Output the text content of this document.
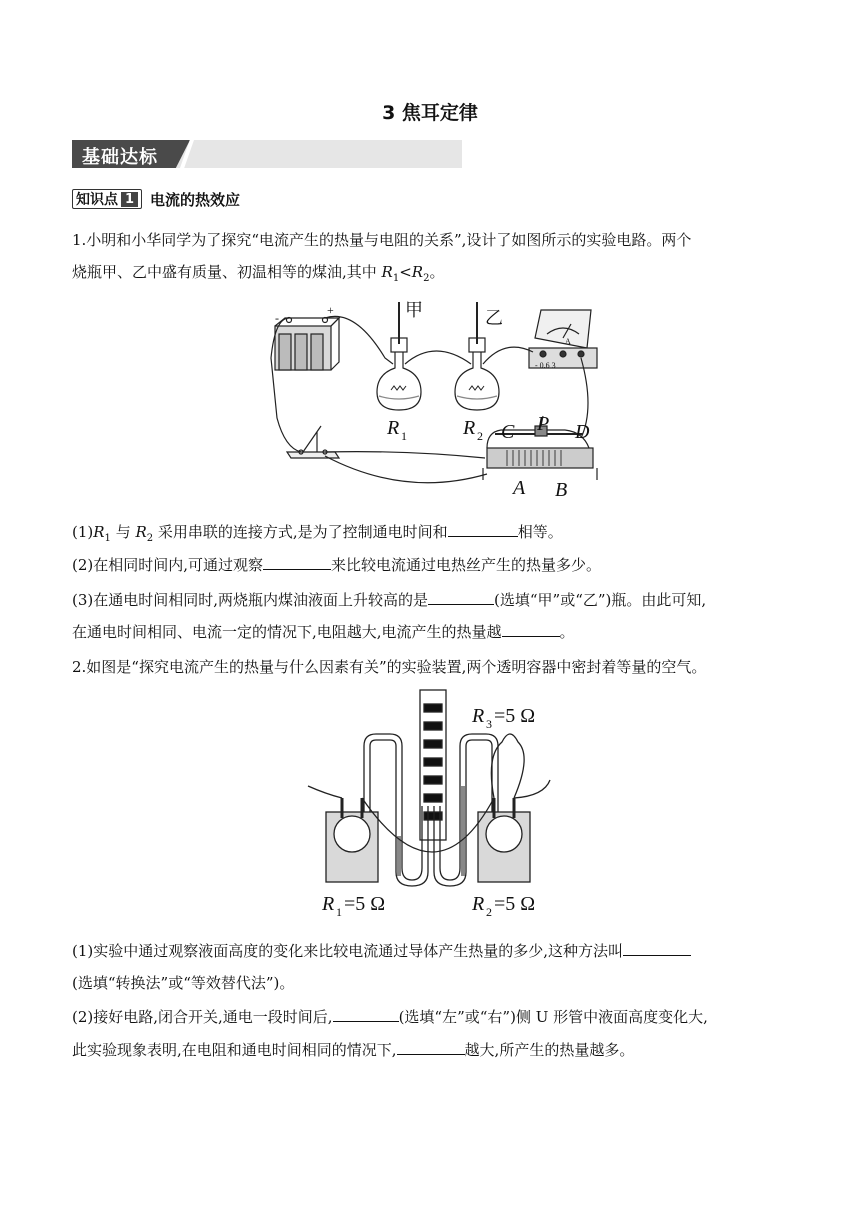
3 焦耳定律
基础达标
知识点 1 电流的热效应
1.小明和小华同学为了探究“电流产生的热量与电阻的关系”,设计了如图所示的实验电路。两个
烧瓶甲、乙中盛有质量、初温相等的煤油,其中 $R_1<R_2$。
甲	乙
R 1	R 2 C P D
A B
-
+
- 0.6 3
A
$(1)R_1$ 与 $R_2$ 采用串联的连接方式,是为了控制通电时间和	相等。
(2)在相同时间内,可通过观察	来比较电流通过电热丝产生的热量多少。
(3)在通电时间相同时,两烧瓶内煤油液面上升较高的是	(选填“甲”或“乙”)瓶。由此可知,
在通电时间相同、电流一定的情况下,电阻越大,电流产生的热量越	。
2.如图是“探究电流产生的热量与什么因素有关”的实验装置,两个透明容器中密封着等量的空气。
R 3 =5 Ω
R 1 =5 Ω	R 2 =5 Ω
(1)实验中通过观察液面高度的变化来比较电流通过导体产生热量的多少,这种方法叫
(选填“转换法”或“等效替代法”)。
(2)接好电路,闭合开关,通电一段时间后,	(选填“左”或“右”)侧 U 形管中液面高度变化大,
此实验现象表明,在电阻和通电时间相同的情况下,	越大,所产生的热量越多。
